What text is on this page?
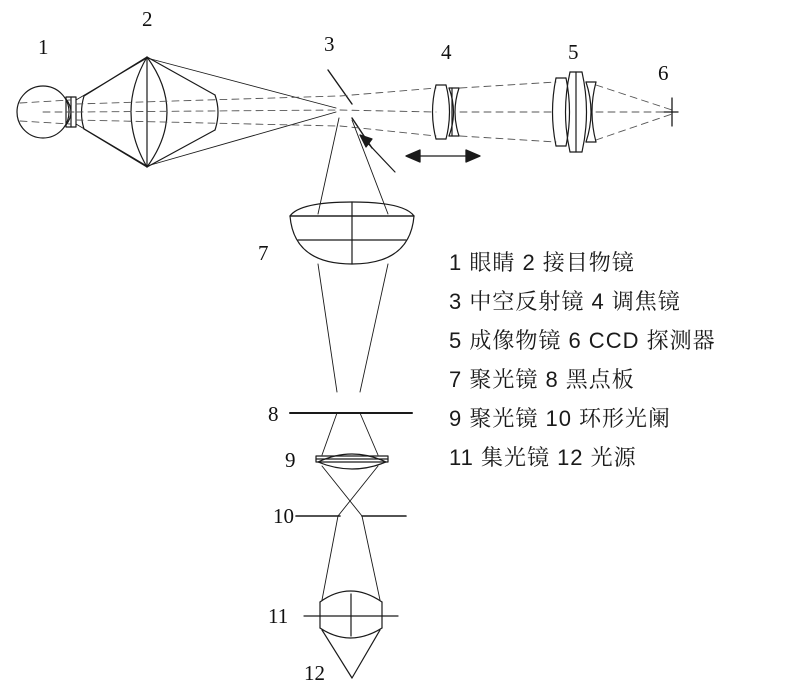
1
2
3	4	5
6
7
8
9
10
11
12
1 眼睛 2 接目物镜
3 中空反射镜 4 调焦镜
5 成像物镜 6 CCD 探测器
7 聚光镜 8 黑点板
9 聚光镜 10 环形光阑
11 集光镜 12 光源
